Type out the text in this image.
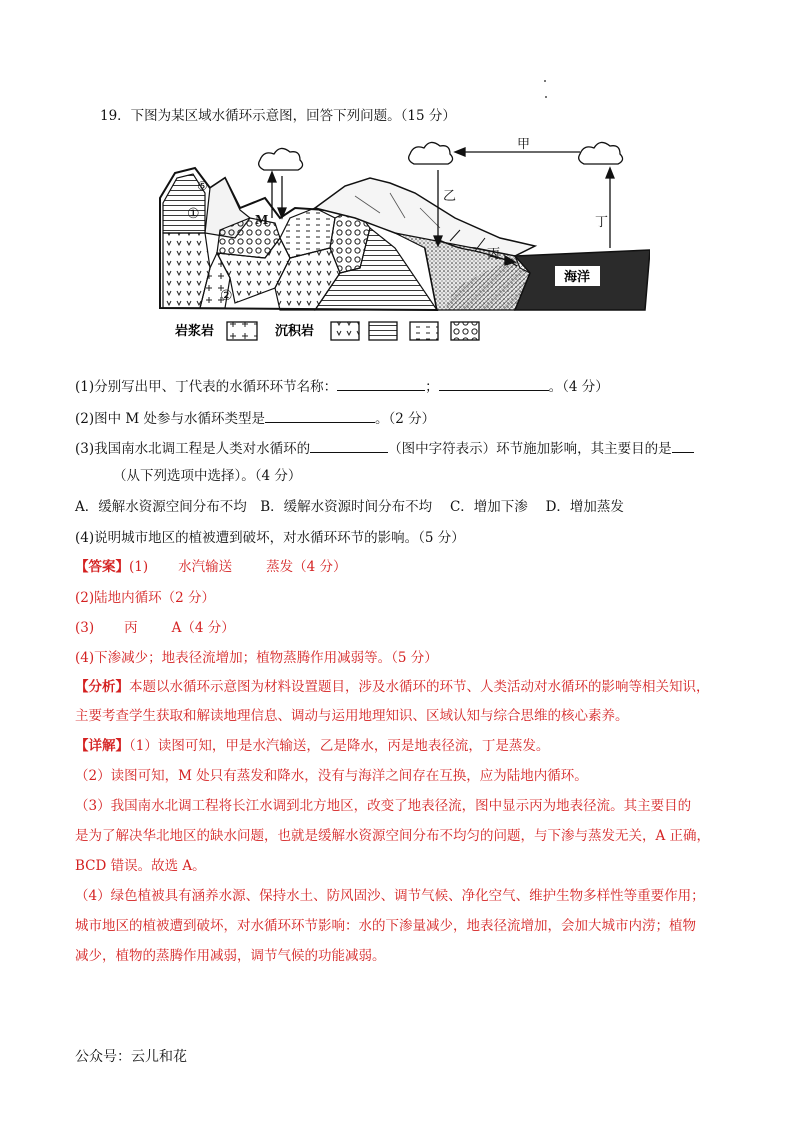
19．下图为某区域水循环示意图，回答下列问题。（15 分）
海洋
甲
乙
丙
丁
M
①
②
⑤
岩浆岩	沉积岩
(1)分别写出甲、丁代表的水循环环节名称：	；	。（4 分）
(2)图中 M 处参与水循环类型是	。（2 分）
(3)我国南水北调工程是人类对水循环的	（图中字符表示）环节施加影响，其主要目的是
（从下列选项中选择）。（4 分）
A．缓解水资源空间分布不均　B．缓解水资源时间分布不均　 C．增加下渗　 D．增加蒸发
(4)说明城市地区的植被遭到破坏，对水循环环节的影响。（5 分）
【答案】(1) 水汽输送	蒸发（4 分）
(2)陆地内循环（2 分）
(3) 丙	A（4 分）
(4)下渗减少；地表径流增加；植物蒸腾作用减弱等。（5 分）
【分析】本题以水循环示意图为材料设置题目，涉及水循环的环节、人类活动对水循环的影响等相关知识，
主要考查学生获取和解读地理信息、调动与运用地理知识、区域认知与综合思维的核心素养。
【详解】（1）读图可知，甲是水汽输送，乙是降水，丙是地表径流，丁是蒸发。
（2）读图可知，M 处只有蒸发和降水，没有与海洋之间存在互换，应为陆地内循环。
（3）我国南水北调工程将长江水调到北方地区，改变了地表径流，图中显示丙为地表径流。其主要目的
是为了解决华北地区的缺水问题，也就是缓解水资源空间分布不均匀的问题，与下渗与蒸发无关，A 正确，
BCD 错误。故选 A。
（4）绿色植被具有涵养水源、保持水土、防风固沙、调节气候、净化空气、维护生物多样性等重要作用；
城市地区的植被遭到破坏，对水循环环节影响：水的下渗量减少，地表径流增加，会加大城市内涝；植物
减少，植物的蒸腾作用减弱，调节气候的功能减弱。
公众号：云儿和花
